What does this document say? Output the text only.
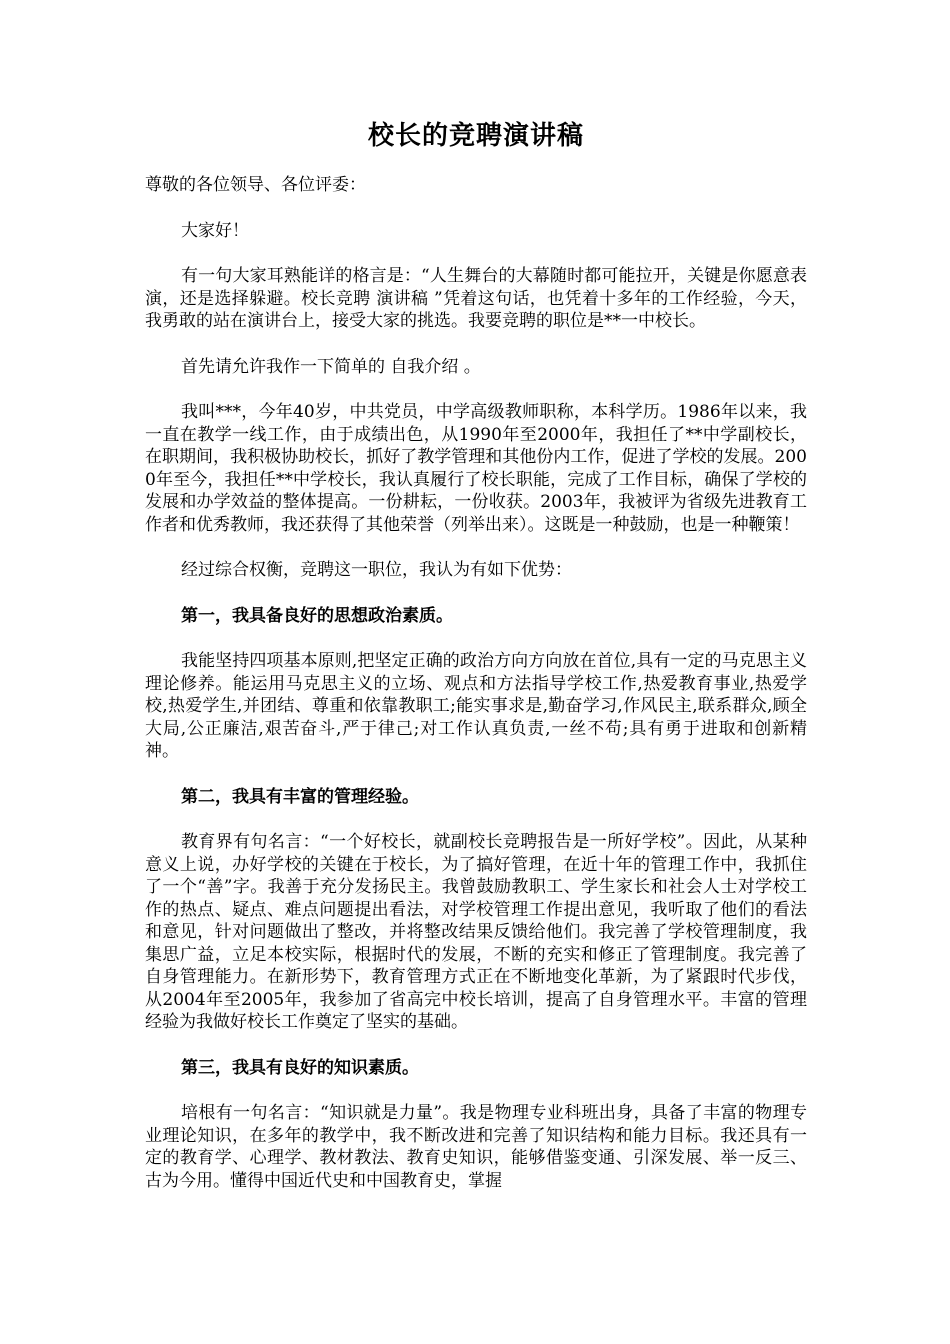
校长的竞聘演讲稿

尊敬的各位领导、各位评委：

大家好！

有一句大家耳熟能详的格言是：“人生舞台的大幕随时都可能拉开，关键是你愿意表演，还是选择躲避。校长竞聘 演讲稿 ”凭着这句话，也凭着十多年的工作经验，今天，我勇敢的站在演讲台上，接受大家的挑选。我要竞聘的职位是**一中校长。

首先请允许我作一下简单的 自我介绍 。

我叫***，今年40岁，中共党员，中学高级教师职称，本科学历。1986年以来，我一直在教学一线工作，由于成绩出色，从1990年至2000年，我担任了**中学副校长，在职期间，我积极协助校长，抓好了教学管理和其他份内工作，促进了学校的发展。2000年至今，我担任**中学校长，我认真履行了校长职能，完成了工作目标，确保了学校的发展和办学效益的整体提高。一份耕耘，一份收获。2003年，我被评为省级先进教育工作者和优秀教师，我还获得了其他荣誉（列举出来）。这既是一种鼓励，也是一种鞭策！

经过综合权衡，竞聘这一职位，我认为有如下优势：

第一，我具备良好的思想政治素质。

我能坚持四项基本原则,把坚定正确的政治方向方向放在首位,具有一定的马克思主义理论修养。能运用马克思主义的立场、观点和方法指导学校工作,热爱教育事业,热爱学校,热爱学生,并团结、尊重和依靠教职工;能实事求是,勤奋学习,作风民主,联系群众,顾全大局,公正廉洁,艰苦奋斗,严于律己;对工作认真负责,一丝不苟;具有勇于进取和创新精神。

第二，我具有丰富的管理经验。

教育界有句名言：“一个好校长，就副校长竞聘报告是一所好学校”。因此，从某种意义上说，办好学校的关键在于校长，为了搞好管理，在近十年的管理工作中，我抓住了一个“善”字。我善于充分发扬民主。我曾鼓励教职工、学生家长和社会人士对学校工作的热点、疑点、难点问题提出看法，对学校管理工作提出意见，我听取了他们的看法和意见，针对问题做出了整改，并将整改结果反馈给他们。我完善了学校管理制度，我集思广益，立足本校实际，根据时代的发展，不断的充实和修正了管理制度。我完善了自身管理能力。在新形势下，教育管理方式正在不断地变化革新，为了紧跟时代步伐，从2004年至2005年，我参加了省高完中校长培训，提高了自身管理水平。丰富的管理经验为我做好校长工作奠定了坚实的基础。

第三，我具有良好的知识素质。

培根有一句名言：“知识就是力量”。我是物理专业科班出身，具备了丰富的物理专业理论知识，在多年的教学中，我不断改进和完善了知识结构和能力目标。我还具有一定的教育学、心理学、教材教法、教育史知识，能够借鉴变通、引深发展、举一反三、古为今用。懂得中国近代史和中国教育史，掌握
